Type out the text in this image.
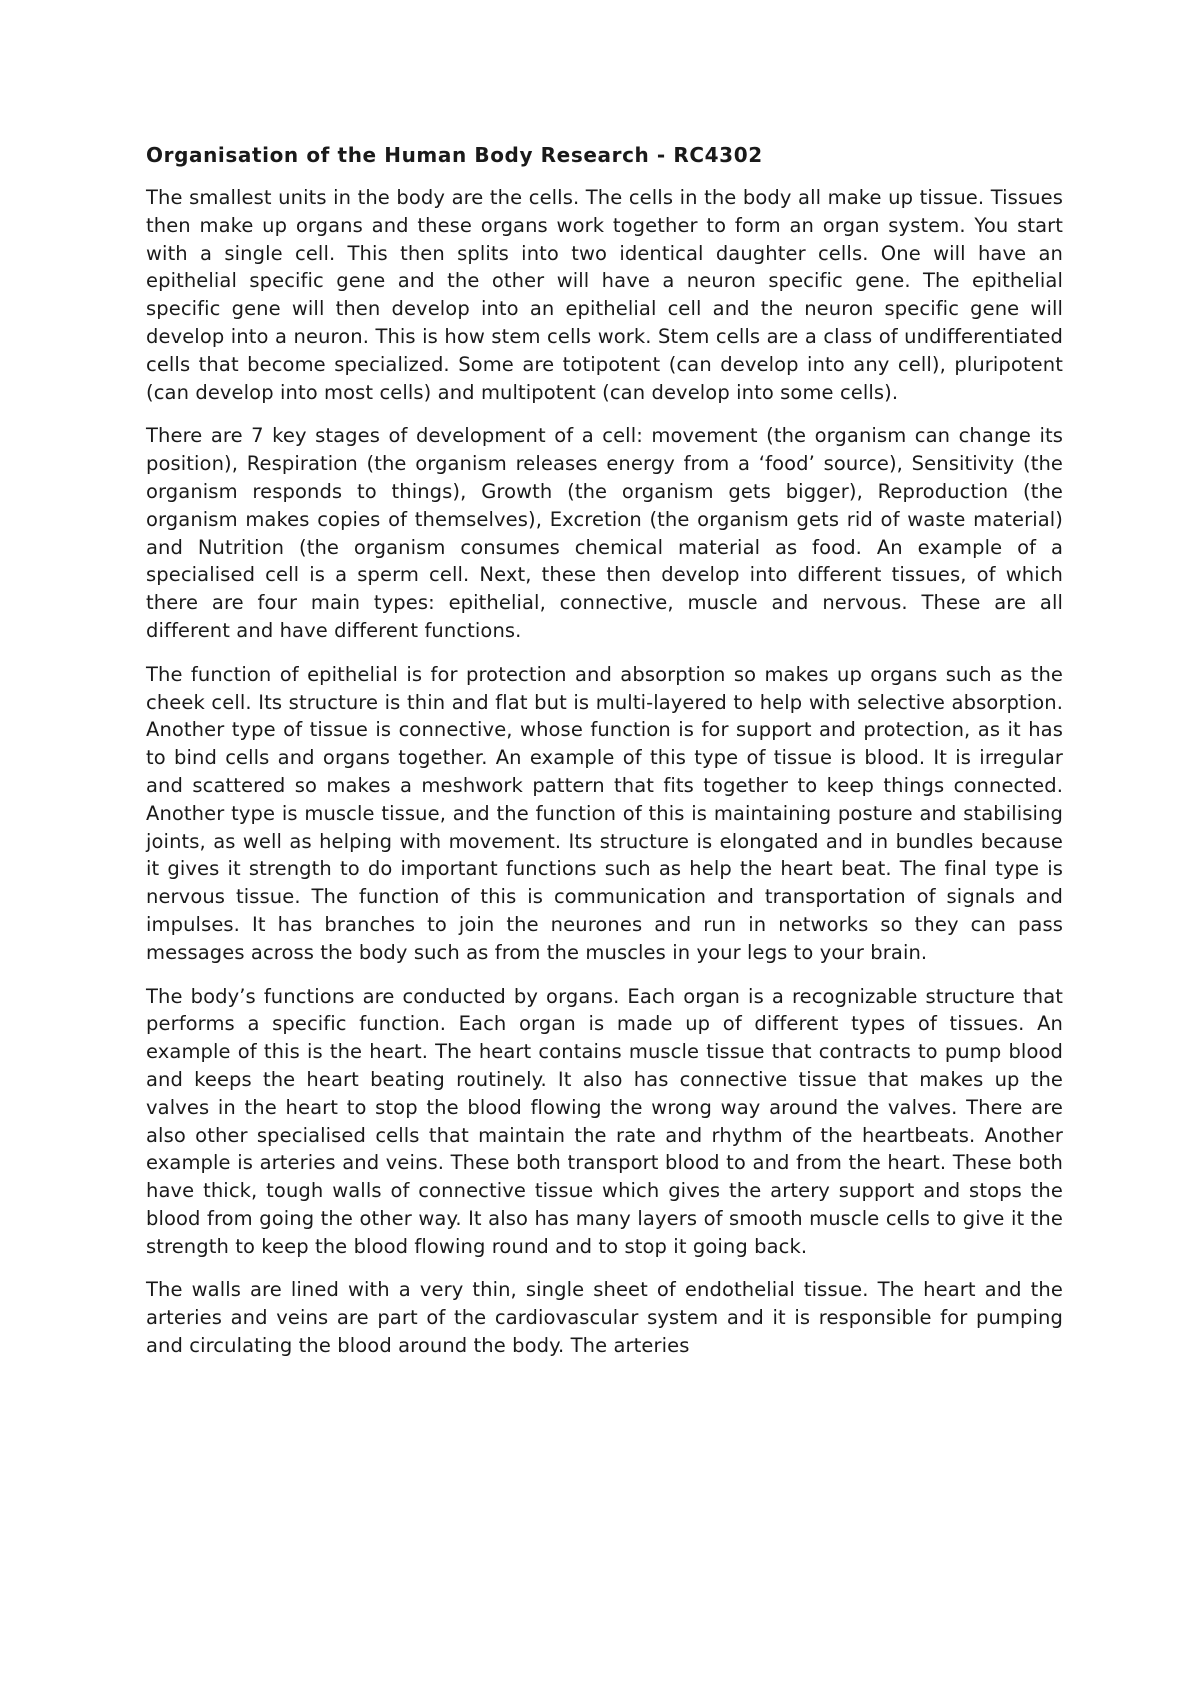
Organisation of the Human Body Research - RC4302

The smallest units in the body are the cells. The cells in the body all make up tissue. Tissues then make up organs and these organs work together to form an organ system. You start with a single cell. This then splits into two identical daughter cells. One will have an epithelial specific gene and the other will have a neuron specific gene. The epithelial specific gene will then develop into an epithelial cell and the neuron specific gene will develop into a neuron. This is how stem cells work. Stem cells are a class of undifferentiated cells that become specialized. Some are totipotent (can develop into any cell), pluripotent (can develop into most cells) and multipotent (can develop into some cells).

There are 7 key stages of development of a cell: movement (the organism can change its position), Respiration (the organism releases energy from a ‘food’ source), Sensitivity (the organism responds to things), Growth (the organism gets bigger), Reproduction (the organism makes copies of themselves), Excretion (the organism gets rid of waste material) and Nutrition (the organism consumes chemical material as food. An example of a specialised cell is a sperm cell. Next, these then develop into different tissues, of which there are four main types: epithelial, connective, muscle and nervous. These are all different and have different functions.

The function of epithelial is for protection and absorption so makes up organs such as the cheek cell. Its structure is thin and flat but is multi-layered to help with selective absorption. Another type of tissue is connective, whose function is for support and protection, as it has to bind cells and organs together. An example of this type of tissue is blood. It is irregular and scattered so makes a meshwork pattern that fits together to keep things connected. Another type is muscle tissue, and the function of this is maintaining posture and stabilising joints, as well as helping with movement. Its structure is elongated and in bundles because it gives it strength to do important functions such as help the heart beat. The final type is nervous tissue. The function of this is communication and transportation of signals and impulses. It has branches to join the neurones and run in networks so they can pass messages across the body such as from the muscles in your legs to your brain.

The body’s functions are conducted by organs. Each organ is a recognizable structure that performs a specific function. Each organ is made up of different types of tissues. An example of this is the heart. The heart contains muscle tissue that contracts to pump blood and keeps the heart beating routinely. It also has connective tissue that makes up the valves in the heart to stop the blood flowing the wrong way around the valves. There are also other specialised cells that maintain the rate and rhythm of the heartbeats. Another example is arteries and veins. These both transport blood to and from the heart. These both have thick, tough walls of connective tissue which gives the artery support and stops the blood from going the other way. It also has many layers of smooth muscle cells to give it the strength to keep the blood flowing round and to stop it going back.

The walls are lined with a very thin, single sheet of endothelial tissue. The heart and the arteries and veins are part of the cardiovascular system and it is responsible for pumping and circulating the blood around the body. The arteries
